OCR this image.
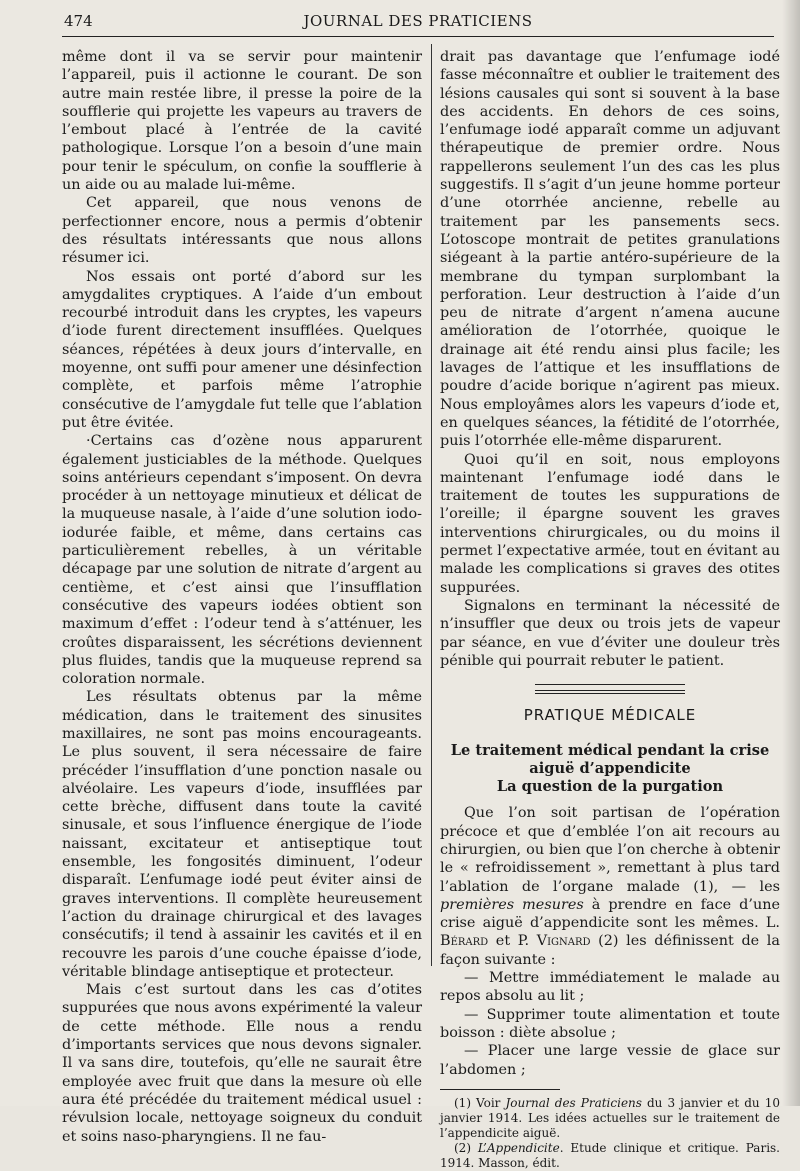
474	JOURNAL DES PRATICIENS

même dont il va se servir pour maintenir l’appareil, puis il actionne le courant. De son autre main restée libre, il presse la poire de la soufflerie qui projette les vapeurs au travers de l’embout placé à l’entrée de la cavité pathologique. Lorsque l’on a besoin d’une main pour tenir le spéculum, on confie la soufflerie à un aide ou au malade lui-même.

Cet appareil, que nous venons de perfectionner encore, nous a permis d’obtenir des résultats intéressants que nous allons résumer ici.

Nos essais ont porté d’abord sur les amygdalites cryptiques. A l’aide d’un embout recourbé introduit dans les cryptes, les vapeurs d’iode furent directement insufflées. Quelques séances, répétées à deux jours d’intervalle, en moyenne, ont suffi pour amener une désinfection complète, et parfois même l’atrophie consécutive de l’amygdale fut telle que l’ablation put être évitée.

·Certains cas d’ozène nous apparurent également justiciables de la méthode. Quelques soins antérieurs cependant s’imposent. On devra procéder à un nettoyage minutieux et délicat de la muqueuse nasale, à l’aide d’une solution iodo-iodurée faible, et même, dans certains cas particulièrement rebelles, à un véritable décapage par une solution de nitrate d’argent au centième, et c’est ainsi que l’insufflation consécutive des vapeurs iodées obtient son maximum d’effet : l’odeur tend à s’atténuer, les croûtes disparaissent, les sécrétions deviennent plus fluides, tandis que la muqueuse reprend sa coloration normale.

Les résultats obtenus par la même médication, dans le traitement des sinusites maxillaires, ne sont pas moins encourageants. Le plus souvent, il sera nécessaire de faire précéder l’insufflation d’une ponction nasale ou alvéolaire. Les vapeurs d’iode, insufflées par cette brèche, diffusent dans toute la cavité sinusale, et sous l’influence énergique de l’iode naissant, excitateur et antiseptique tout ensemble, les fongosités diminuent, l’odeur disparaît. L’enfumage iodé peut éviter ainsi de graves interventions. Il complète heureusement l’action du drainage chirurgical et des lavages consécutifs; il tend à assainir les cavités et il en recouvre les parois d’une couche épaisse d’iode, véritable blindage antiseptique et protecteur.

Mais c’est surtout dans les cas d’otites suppurées que nous avons expérimenté la valeur de cette méthode. Elle nous a rendu d’importants services que nous devons signaler. Il va sans dire, toutefois, qu’elle ne saurait être employée avec fruit que dans la mesure où elle aura été précédée du traitement médical usuel : révulsion locale, nettoyage soigneux du conduit et soins naso-pharyngiens. Il ne fau-

drait pas davantage que l’enfumage iodé fasse méconnaître et oublier le traitement des lésions causales qui sont si souvent à la base des accidents. En dehors de ces soins, l’enfumage iodé apparaît comme un adjuvant thérapeutique de premier ordre. Nous rappellerons seulement l’un des cas les plus suggestifs. Il s’agit d’un jeune homme porteur d’une otorrhée ancienne, rebelle au traitement par les pansements secs. L’otoscope montrait de petites granulations siégeant à la partie antéro-supérieure de la membrane du tympan surplombant la perforation. Leur destruction à l’aide d’un peu de nitrate d’argent n’amena aucune amélioration de l’otorrhée, quoique le drainage ait été rendu ainsi plus facile; les lavages de l’attique et les insufflations de poudre d’acide borique n’agirent pas mieux. Nous employâmes alors les vapeurs d’iode et, en quelques séances, la fétidité de l’otorrhée, puis l’otorrhée elle-même disparurent.

Quoi qu’il en soit, nous employons maintenant l’enfumage iodé dans le traitement de toutes les suppurations de l’oreille; il épargne souvent les graves interventions chirurgicales, ou du moins il permet l’expectative armée, tout en évitant au malade les complications si graves des otites suppurées.

Signalons en terminant la nécessité de n’insuffler que deux ou trois jets de vapeur par séance, en vue d’éviter une douleur très pénible qui pourrait rebuter le patient.

PRATIQUE MÉDICALE
Le traitement médical pendant la crise aiguë d’appendicite
La question de la purgation

Que l’on soit partisan de l’opération précoce et que d’emblée l’on ait recours au chirurgien, ou bien que l’on cherche à obtenir le « refroidissement », remettant à plus tard l’ablation de l’organe malade (1), — les premières mesures à prendre en face d’une crise aiguë d’appendicite sont les mêmes. L. Bérard et P. Vignard (2) les définissent de la façon suivante :

— Mettre immédiatement le malade au repos absolu au lit ;

— Supprimer toute alimentation et toute boisson : diète absolue ;

— Placer une large vessie de glace sur l’abdomen ;

(1) Voir Journal des Praticiens du 3 janvier et du 10 janvier 1914. Les idées actuelles sur le traitement de l’appendicite aiguë.

(2) L’Appendicite. Etude clinique et critique. Paris. 1914. Masson, édit.
